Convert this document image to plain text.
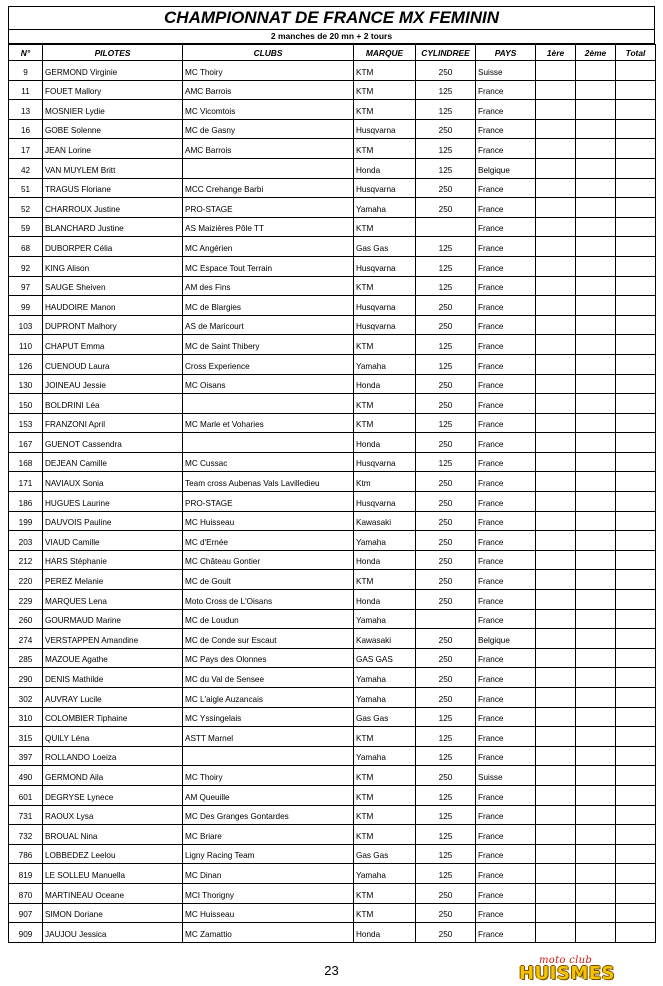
CHAMPIONNAT DE FRANCE MX FEMININ
2 manches de 20 mn + 2 tours
N°	PILOTES	CLUBS	MARQUE	CYLINDREE	PAYS	1ère	2ème	Total
9	GERMOND Virginie	MC Thoiry	KTM	250	Suisse			
11	FOUET Mallory	AMC Barrois	KTM	125	France			
13	MOSNIER Lydie	MC Vicomtois	KTM	125	France			
16	GOBE Solenne	MC de Gasny	Husqvarna	250	France			
17	JEAN Lorine	AMC Barrois	KTM	125	France			
42	VAN MUYLEM Britt		Honda	125	Belgique			
51	TRAGUS Floriane	MCC Crehange Barbi	Husqvarna	250	France			
52	CHARROUX Justine	PRO-STAGE	Yamaha	250	France			
59	BLANCHARD Justine	AS Maizières Pôle TT	KTM		France			
68	DUBORPER Célia	MC Angérien	Gas Gas	125	France			
92	KING Alison	MC Espace Tout Terrain	Husqvarna	125	France			
97	SAUGE Sheiven	AM des Fins	KTM	125	France			
99	HAUDOIRE Manon	MC de Blargies	Husqvarna	250	France			
103	DUPRONT Malhory	AS de Maricourt	Husqvarna	250	France			
110	CHAPUT Emma	MC de Saint Thibery	KTM	125	France			
126	CUENOUD Laura	Cross Experience	Yamaha	125	France			
130	JOINEAU Jessie	MC Oisans	Honda	250	France			
150	BOLDRINI Léa		KTM	250	France			
153	FRANZONI April	MC Marle et Voharies	KTM	125	France			
167	GUENOT Cassendra		Honda	250	France			
168	DEJEAN Camille	MC Cussac	Husqvarna	125	France			
171	NAVIAUX Sonia	Team cross Aubenas Vals Lavilledieu	Ktm	250	France			
186	HUGUES Laurine	PRO-STAGE	Husqvarna	250	France			
199	DAUVOIS Pauline	MC Huisseau	Kawasaki	250	France			
203	VIAUD Camille	MC d'Ernée	Yamaha	250	France			
212	HARS Stéphanie	MC Château Gontier	Honda	250	France			
220	PEREZ Melanie	MC de Goult	KTM	250	France			
229	MARQUES Lena	Moto Cross de L'Oisans	Honda	250	France			
260	GOURMAUD Marine	MC de Loudun	Yamaha		France			
274	VERSTAPPEN Amandine	MC de Conde sur Escaut	Kawasaki	250	Belgique			
285	MAZOUE Agathe	MC Pays des Olonnes	GAS GAS	250	France			
290	DENIS Mathilde	MC du Val de Sensee	Yamaha	250	France			
302	AUVRAY Lucile	MC L'aigle Auzancais	Yamaha	250	France			
310	COLOMBIER Tiphaine	MC Yssingelais	Gas Gas	125	France			
315	QUILY Léna	ASTT Marnel	KTM	125	France			
397	ROLLANDO Loeiza		Yamaha	125	France			
490	GERMOND Aila	MC Thoiry	KTM	250	Suisse			
601	DEGRYSE Lynece	AM Queuille	KTM	125	France			
731	RAOUX Lysa	MC Des Granges Gontardes	KTM	125	France			
732	BROUAL Nina	MC Briare	KTM	125	France			
786	LOBBEDEZ Leelou	Ligny Racing Team	Gas Gas	125	France			
819	LE SOLLEU Manuella	MC Dinan	Yamaha	125	France			
870	MARTINEAU Oceane	MCI Thorigny	KTM	250	France			
907	SIMON Doriane	MC Huisseau	KTM	250	France			
909	JAUJOU Jessica	MC Zamattio	Honda	250	France			
23
moto club
HUISMES
